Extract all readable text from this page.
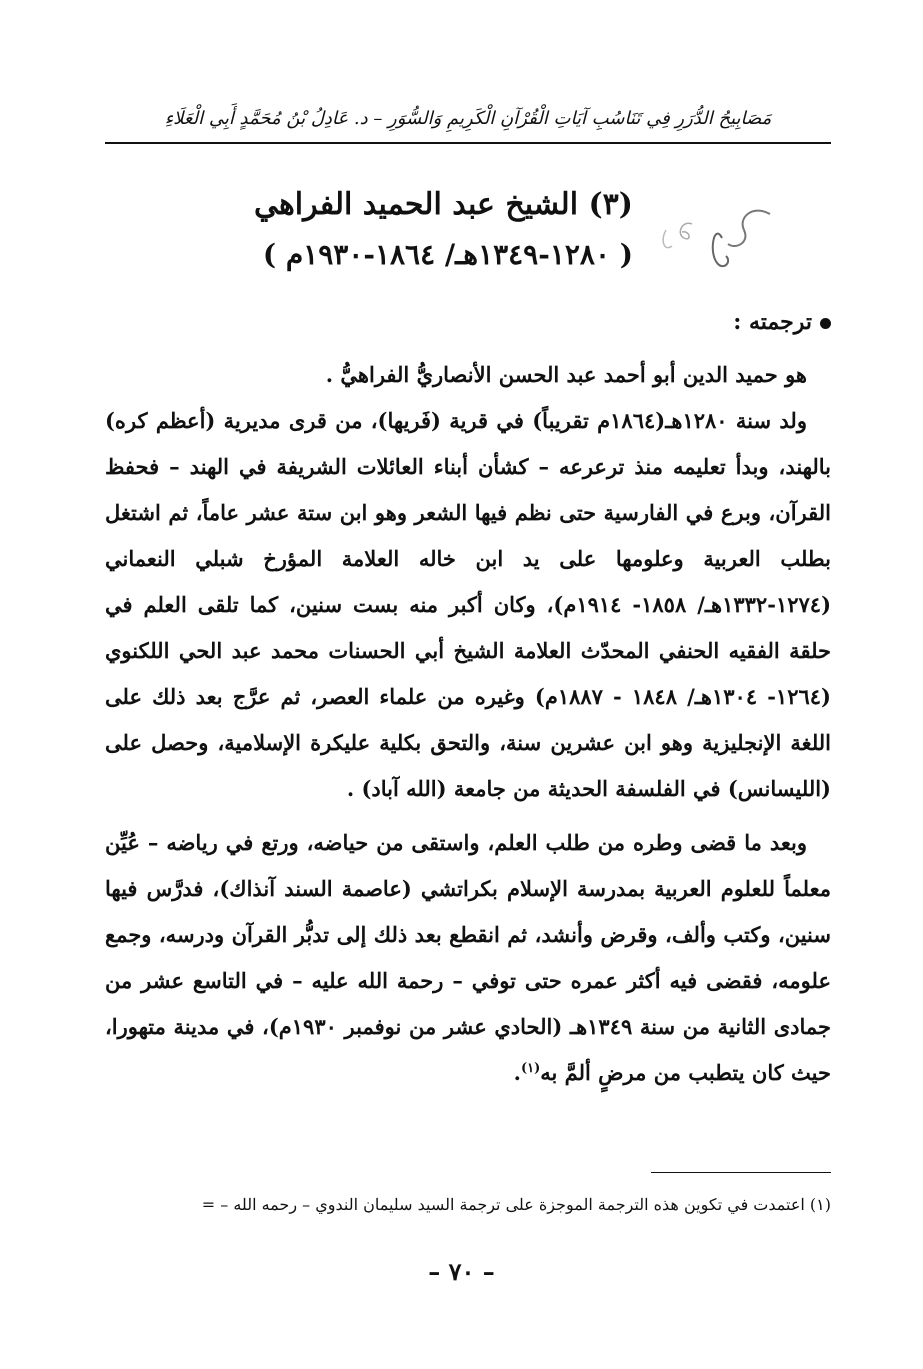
مَصَابِيحُ الدُّرَرِ فِي تَنَاسُبِ آيَاتِ الْقُرْآنِ الْكَرِيمِ وَالسُّوَرِ – د. عَادِلُ بْنُ مُحَمَّدٍ أَبِي الْعَلَاءِ
(٣) الشيخ عبد الحميد الفراهي
( ١٢٨٠-١٣٤٩هـ/ ١٨٦٤-١٩٣٠م )
ترجمته :

هو حميد الدين أبو أحمد عبد الحسن الأنصاريُّ الفراهيُّ .

ولد سنة ١٢٨٠هـ(١٨٦٤م تقريباً) في قرية (فَريها)، من قرى مديرية (أعظم كره) بالهند، وبدأ تعليمه منذ ترعرعه – كشأن أبناء العائلات الشريفة في الهند – فحفظ القرآن، وبرع في الفارسية حتى نظم فيها الشعر وهو ابن ستة عشر عاماً، ثم اشتغل بطلب العربية وعلومها على يد ابن خاله العلامة المؤرخ شبلي النعماني (١٢٧٤-١٣٣٢هـ/ ١٨٥٨- ١٩١٤م)، وكان أكبر منه بست سنين، كما تلقى العلم في حلقة الفقيه الحنفي المحدّث العلامة الشيخ أبي الحسنات محمد عبد الحي اللكنوي (١٢٦٤- ١٣٠٤هـ/ ١٨٤٨ - ١٨٨٧م) وغيره من علماء العصر، ثم عرَّج بعد ذلك على اللغة الإنجليزية وهو ابن عشرين سنة، والتحق بكلية عليكرة الإسلامية، وحصل على (الليسانس) في الفلسفة الحديثة من جامعة (الله آباد) .

وبعد ما قضى وطره من طلب العلم، واستقى من حياضه، ورتع في رياضه – عُيِّن معلماً للعلوم العربية بمدرسة الإسلام بكراتشي (عاصمة السند آنذاك)، فدرَّس فيها سنين، وكتب وألف، وقرض وأنشد، ثم انقطع بعد ذلك إلى تدبُّر القرآن ودرسه، وجمع علومه، فقضى فيه أكثر عمره حتى توفي – رحمة الله عليه – في التاسع عشر من جمادى الثانية من سنة ١٣٤٩هـ (الحادي عشر من نوفمبر ١٩٣٠م)، في مدينة متهورا، حيث كان يتطبب من مرضٍ ألمَّ به$^{(١)}$.

(١) اعتمدت في تكوين هذه الترجمة الموجزة على ترجمة السيد سليمان الندوي – رحمه الله – =
– ٧٠ –
